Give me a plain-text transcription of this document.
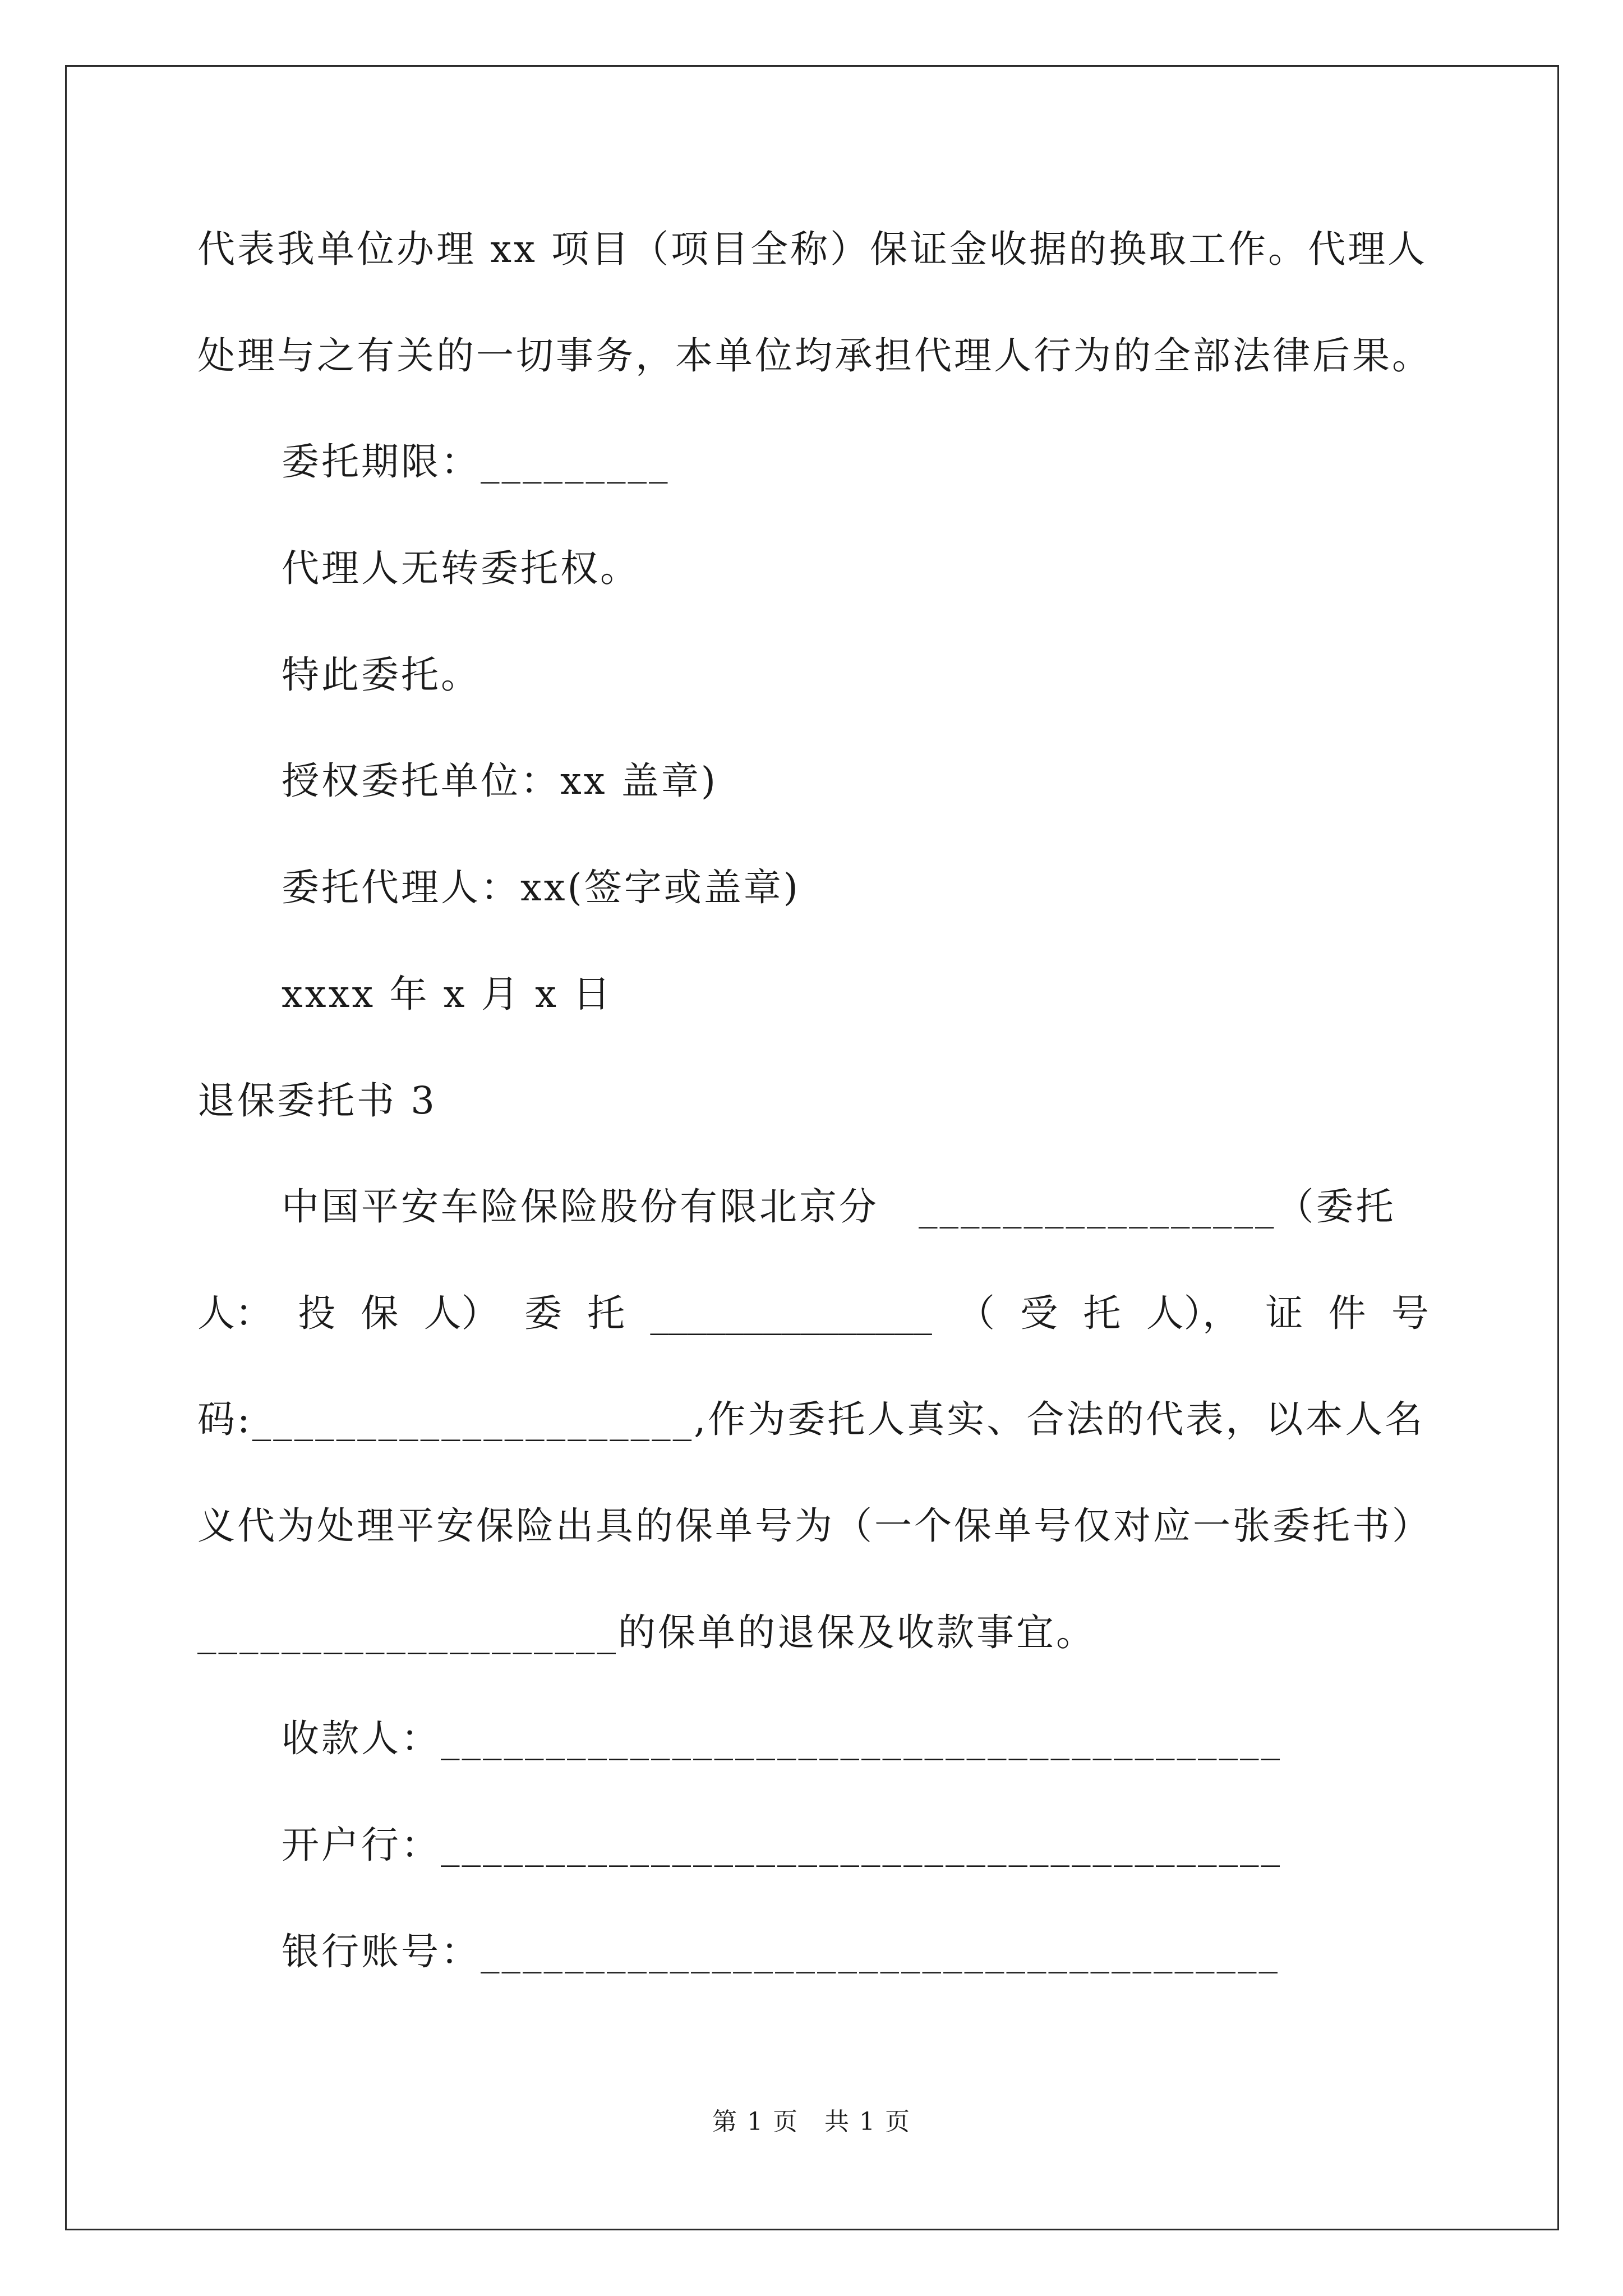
代表我单位办理 xx 项目（项目全称）保证金收据的换取工作。代理人
处理与之有关的一切事务，本单位均承担代理人行为的全部法律后果。
委托期限：_________
代理人无转委托权。
特此委托。
授权委托单位：xx 盖章)
委托代理人：xx(签字或盖章)
xxxx 年 x 月 x 日
退保委托书 3
中国平安车险保险股份有限北京分　_________________（委托
人： 投 保 人） 委 托 _______________ （ 受 托 人）， 证 件 号
码:_____________________,作为委托人真实、合法的代表，以本人名
义代为处理平安保险出具的保单号为（一个保单号仅对应一张委托书）
____________________的保单的退保及收款事宜。
收款人：________________________________________
开户行：________________________________________
银行账号：______________________________________
第 1 页　共 1 页
